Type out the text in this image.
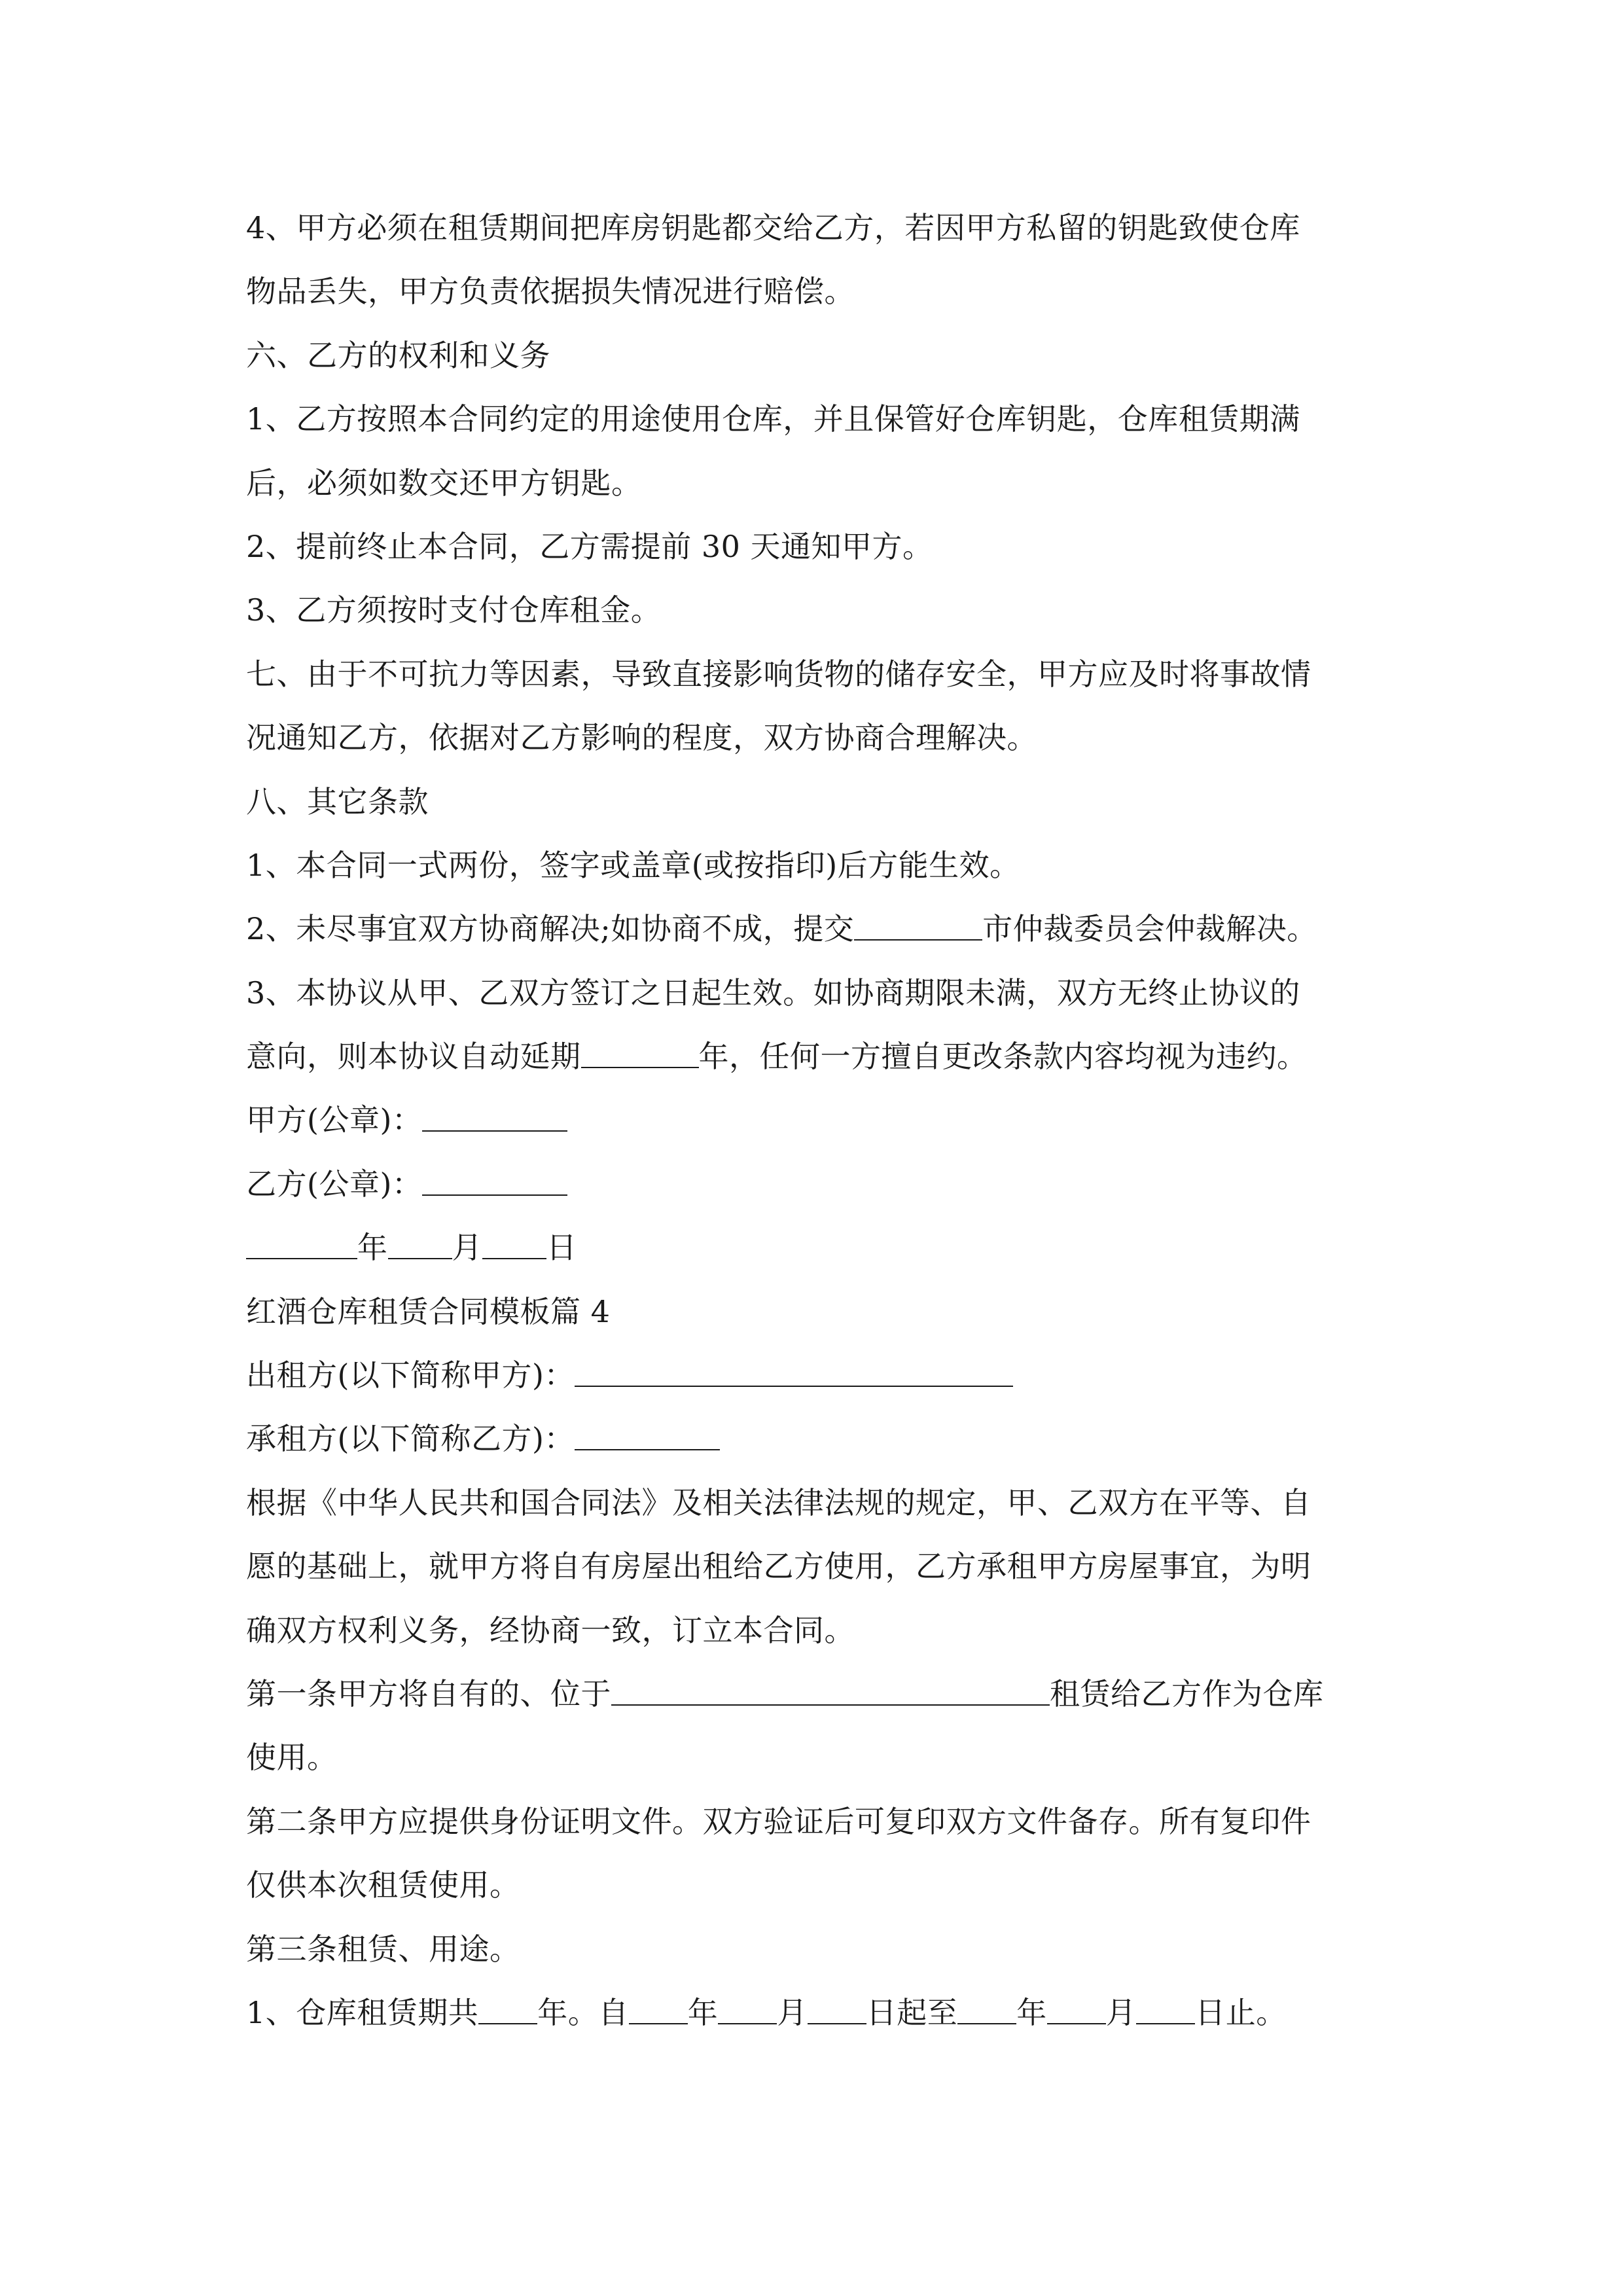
4、甲方必须在租赁期间把库房钥匙都交给乙方，若因甲方私留的钥匙致使仓库
物品丢失，甲方负责依据损失情况进行赔偿。
六、乙方的权利和义务
1、乙方按照本合同约定的用途使用仓库，并且保管好仓库钥匙，仓库租赁期满
后，必须如数交还甲方钥匙。
2、提前终止本合同，乙方需提前 30 天通知甲方。
3、乙方须按时支付仓库租金。
七、由于不可抗力等因素，导致直接影响货物的储存安全，甲方应及时将事故情
况通知乙方，依据对乙方影响的程度，双方协商合理解决。
八、其它条款
1、本合同一式两份，签字或盖章(或按指印)后方能生效。
2、未尽事宜双方协商解决;如协商不成，提交	市仲裁委员会仲裁解决。
3、本协议从甲、乙双方签订之日起生效。如协商期限未满，双方无终止协议的
意向，则本协议自动延期	年，任何一方擅自更改条款内容均视为违约。
甲方(公章)：
乙方(公章)：
年 月 日
红酒仓库租赁合同模板篇 4
出租方(以下简称甲方)：
承租方(以下简称乙方)：
根据《中华人民共和国合同法》及相关法律法规的规定，甲、乙双方在平等、自
愿的基础上，就甲方将自有房屋出租给乙方使用，乙方承租甲方房屋事宜，为明
确双方权利义务，经协商一致，订立本合同。
第一条甲方将自有的、位于	租赁给乙方作为仓库
使用。
第二条甲方应提供身份证明文件。双方验证后可复印双方文件备存。所有复印件
仅供本次租赁使用。
第三条租赁、用途。
1、仓库租赁期共 年。自 年 月 日起至 年 月 日止。
